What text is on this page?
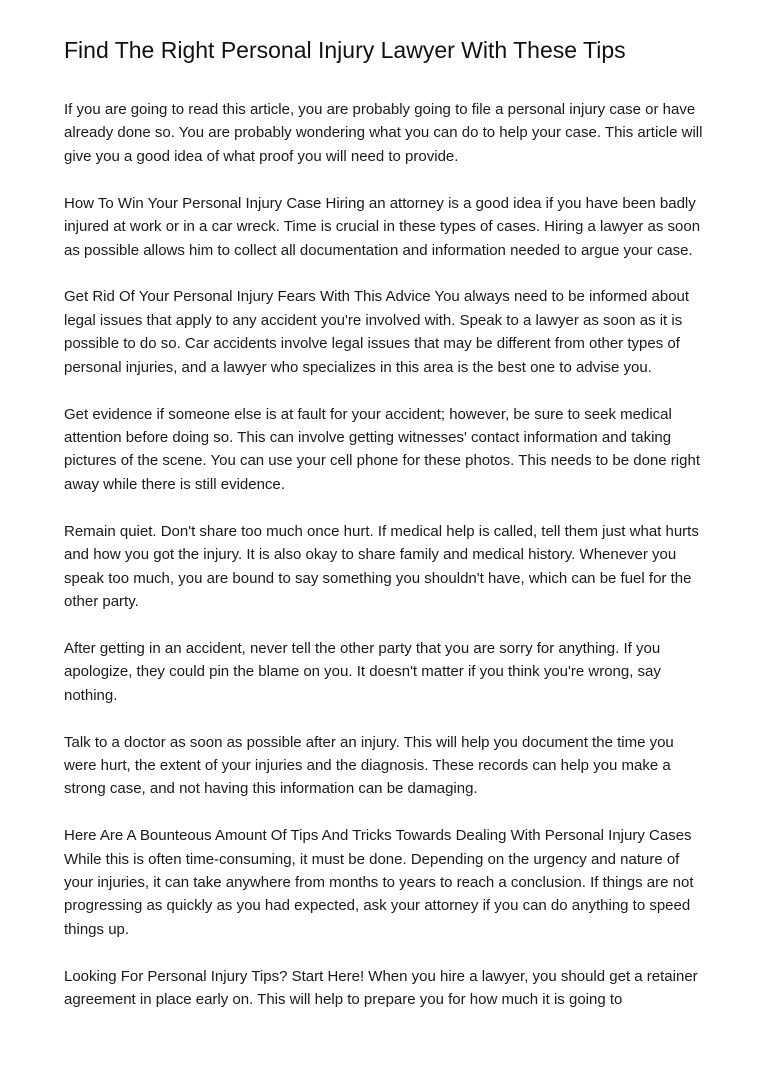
Find The Right Personal Injury Lawyer With These Tips

If you are going to read this article, you are probably going to file a personal injury case or have already done so. You are probably wondering what you can do to help your case. This article will give you a good idea of what proof you will need to provide.

How To Win Your Personal Injury Case Hiring an attorney is a good idea if you have been badly injured at work or in a car wreck. Time is crucial in these types of cases. Hiring a lawyer as soon as possible allows him to collect all documentation and information needed to argue your case.

Get Rid Of Your Personal Injury Fears With This Advice You always need to be informed about legal issues that apply to any accident you're involved with. Speak to a lawyer as soon as it is possible to do so. Car accidents involve legal issues that may be different from other types of personal injuries, and a lawyer who specializes in this area is the best one to advise you.

Get evidence if someone else is at fault for your accident; however, be sure to seek medical attention before doing so. This can involve getting witnesses' contact information and taking pictures of the scene. You can use your cell phone for these photos. This needs to be done right away while there is still evidence.

Remain quiet. Don't share too much once hurt. If medical help is called, tell them just what hurts and how you got the injury. It is also okay to share family and medical history. Whenever you speak too much, you are bound to say something you shouldn't have, which can be fuel for the other party.

After getting in an accident, never tell the other party that you are sorry for anything. If you apologize, they could pin the blame on you. It doesn't matter if you think you're wrong, say nothing.

Talk to a doctor as soon as possible after an injury. This will help you document the time you were hurt, the extent of your injuries and the diagnosis. These records can help you make a strong case, and not having this information can be damaging.

Here Are A Bounteous Amount Of Tips And Tricks Towards Dealing With Personal Injury Cases While this is often time-consuming, it must be done. Depending on the urgency and nature of your injuries, it can take anywhere from months to years to reach a conclusion. If things are not progressing as quickly as you had expected, ask your attorney if you can do anything to speed things up.

Looking For Personal Injury Tips? Start Here! When you hire a lawyer, you should get a retainer agreement in place early on. This will help to prepare you for how much it is going to
